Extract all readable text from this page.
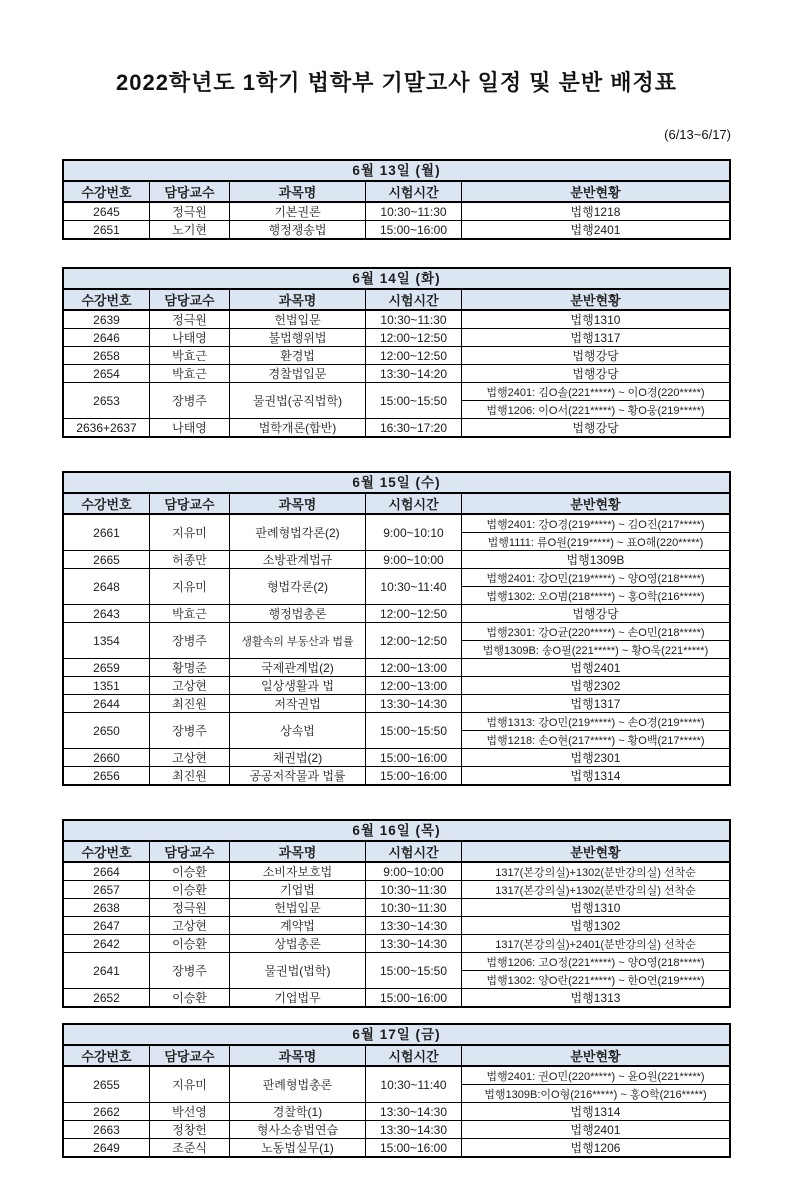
2022학년도 1학기 법학부 기말고사 일정 및 분반 배정표
(6/13~6/17)
6월 13일 (월)
수강번호	담당교수	과목명	시험시간	분반현황
2645	정극원	기본권론	10:30~11:30	법행1218
2651	노기현	행정쟁송법	15:00~16:00	법행2401
6월 14일 (화)
수강번호	담당교수	과목명	시험시간	분반현황
2639	정극원	헌법입문	10:30~11:30	법행1310
2646	나태영	불법행위법	12:00~12:50	법행1317
2658	박효근	환경법	12:00~12:50	법행강당
2654	박효근	경찰법입문	13:30~14:20	법행강당
2653	장병주	물권법(공직법학)	15:00~15:50
법행2401: 김O솔(221*****) ~ 이O경(220*****)
법행1206: 이O서(221*****) ~ 황O웅(219*****)
2636+2637	나태영	법학개론(합반)	16:30~17:20	법행강당
6월 15일 (수)
수강번호	담당교수	과목명	시험시간	분반현황
2661	지유미	판례형법각론(2)	9:00~10:10
법행2401: 강O경(219*****) ~ 김O진(217*****)
법행1111: 류O원(219*****) ~ 표O해(220*****)
2665	허종만	소방관계법규	9:00~10:00	법행1309B
2648	지유미	형법각론(2)	10:30~11:40
법행2401: 강O민(219*****) ~ 양O영(218*****)
법행1302: 오O범(218*****) ~ 홍O학(216*****)
2643	박효근	행정법총론	12:00~12:50	법행강당
1354	장병주	생활속의 부동산과 법률	12:00~12:50
법행2301: 강O균(220*****) ~ 손O민(218*****)
법행1309B: 송O필(221*****) ~ 황O욱(221*****)
2659	황명준	국제관계법(2)	12:00~13:00	법행2401
1351	고상현	일상생활과 법	12:00~13:00	법행2302
2644	최진원	저작권법	13:30~14:30	법행1317
2650	장병주	상속법	15:00~15:50
법행1313: 강O민(219*****) ~ 손O경(219*****)
법행1218: 손O현(217*****) ~ 황O백(217*****)
2660	고상현	채권법(2)	15:00~16:00	법행2301
2656	최진원	공공저작물과 법률	15:00~16:00	법행1314
6월 16일 (목)
수강번호	담당교수	과목명	시험시간	분반현황
2664	이승환	소비자보호법	9:00~10:00	1317(본강의실)+1302(분반강의실) 선착순
2657	이승환	기업법	10:30~11:30	1317(본강의실)+1302(분반강의실) 선착순
2638	정극원	헌법입문	10:30~11:30	법행1310
2647	고상현	계약법	13:30~14:30	법행1302
2642	이승환	상법총론	13:30~14:30	1317(본강의실)+2401(분반강의실) 선착순
2641	장병주	물권법(법학)	15:00~15:50
법행1206: 고O정(221*****) ~ 양O영(218*****)
법행1302: 양O란(221*****) ~ 한O연(219*****)
2652	이승환	기업법무	15:00~16:00	법행1313
6월 17일 (금)
수강번호	담당교수	과목명	시험시간	분반현황
2655	지유미	판례형법총론	10:30~11:40
법행2401: 권O민(220*****) ~ 윤O원(221*****)
법행1309B:이O형(216*****) ~ 홍O학(216*****)
2662	박선영	경찰학(1)	13:30~14:30	법행1314
2663	정창헌	형사소송법연습	13:30~14:30	법행2401
2649	조준식	노동법실무(1)	15:00~16:00	법행1206
